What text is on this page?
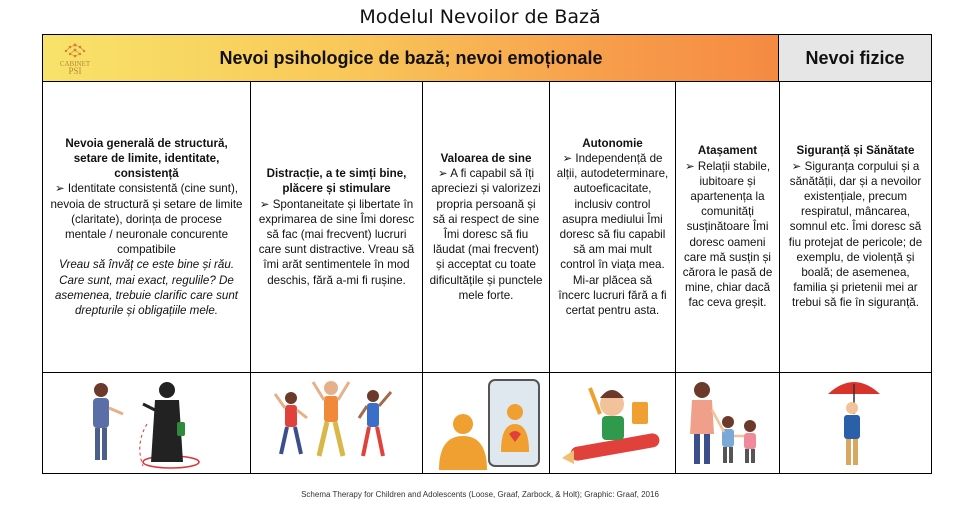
Modelul Nevoilor de Bază
CABINET
PSI
Nevoi psihologice de bază; nevoi emoționale	Nevoi fizice
Nevoia generală de structură, setare de limite, identitate, consistență
➢ Identitate consistentă (cine sunt), nevoia de structură și setare de limite (claritate), dorința de procese mentale / neuronale concurente compatibile
Vreau să învăț ce este bine și rău. Care sunt, mai exact, regulile? De asemenea, trebuie clarific care sunt drepturile și obligațiile mele.
Distracție, a te simți bine, plăcere și stimulare
➢ Spontaneitate și libertate în exprimarea de sine Îmi doresc să fac (mai frecvent) lucruri care sunt distractive. Vreau să îmi arăt sentimentele în mod deschis, fără a-mi fi rușine.
Valoarea de sine
➢ A fi capabil să îți apreciezi și valorizezi propria persoană și să ai respect de sine Îmi doresc să fiu lăudat (mai frecvent) și acceptat cu toate dificultățile și punctele mele forte.
Autonomie
➢ Independență de alții, autodeterminare, autoeficacitate, inclusiv control asupra mediului Îmi doresc să fiu capabil să am mai mult control în viața mea. Mi-ar plăcea să încerc lucruri fără a fi certat pentru asta.
Atașament
➢ Relații stabile, iubitoare și apartenența la comunități susținătoare Îmi doresc oameni care mă susțin și cărora le pasă de mine, chiar dacă fac ceva greșit.
Siguranță și Sănătate
➢ Siguranța corpului și a sănătății, dar și a nevoilor existențiale, precum respiratul, mâncarea, somnul etc. Îmi doresc să fiu protejat de pericole; de exemplu, de violență și boală; de asemenea, familia și prietenii mei ar trebui să fie în siguranță.
Schema Therapy for Children and Adolescents (Loose, Graaf, Zarbock, & Holt); Graphic: Graaf, 2016
